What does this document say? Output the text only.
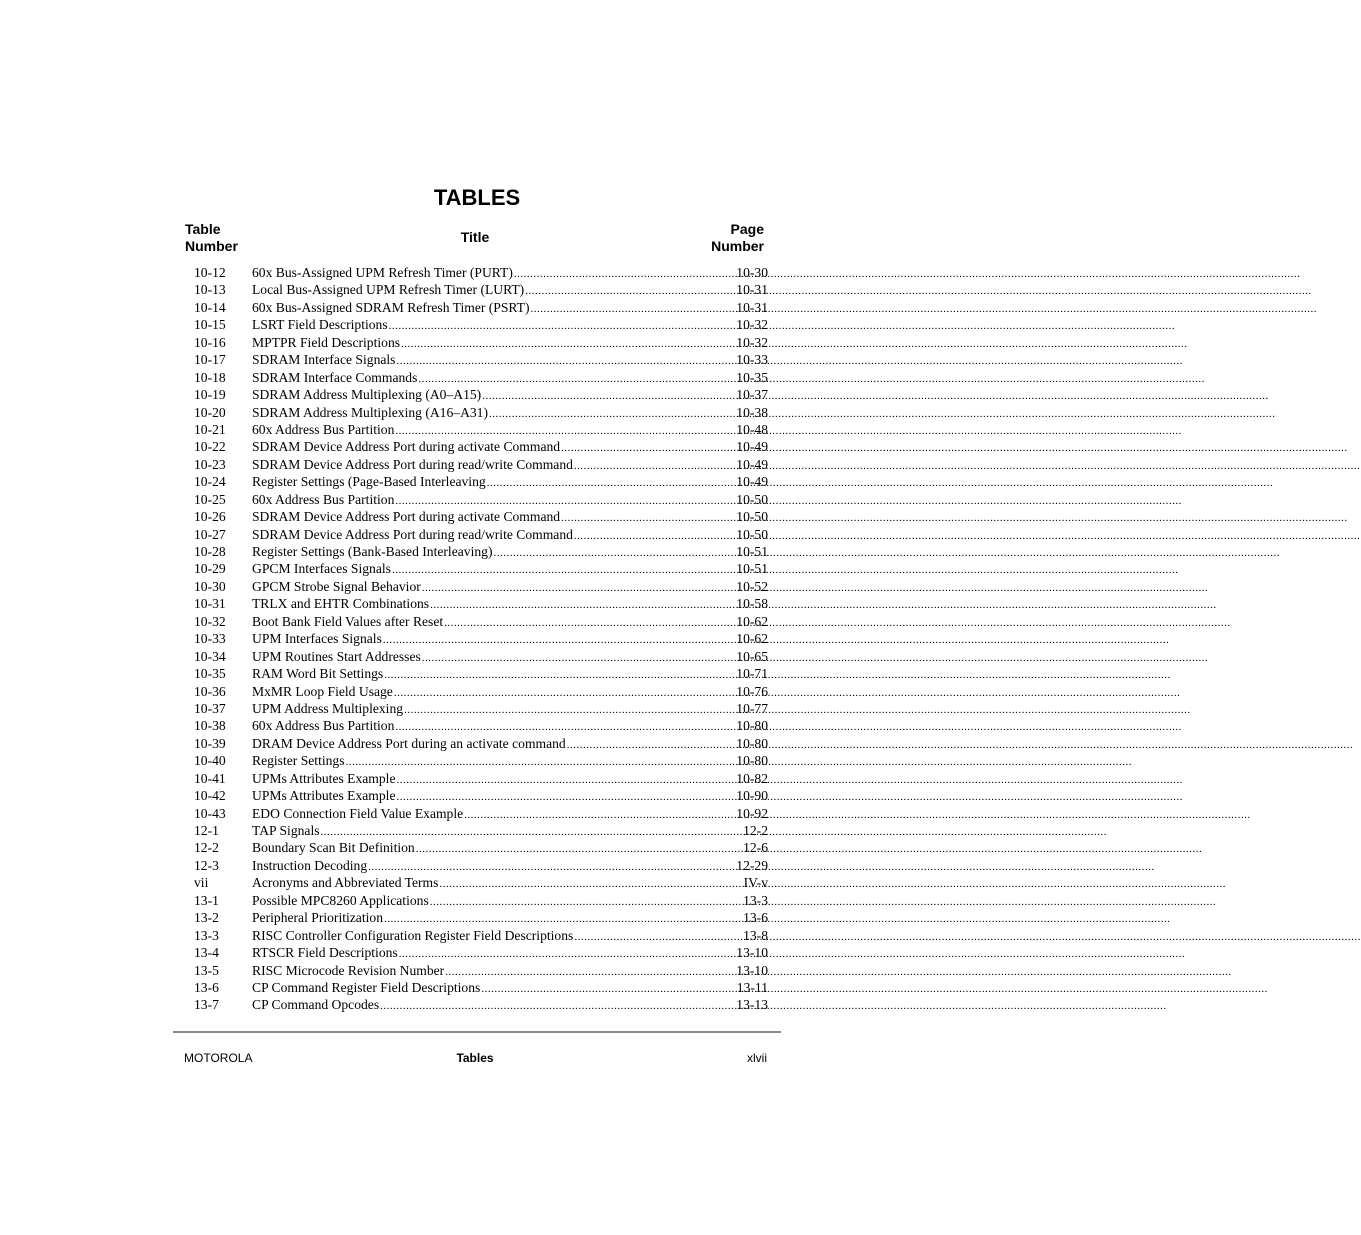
TABLES
Table
Number
Title	Page
Number
10-12	60x Bus-Assigned UPM Refresh Timer (PURT) .....	10-30
10-13	Local Bus-Assigned UPM Refresh Timer (LURT) .....	10-31
10-14	60x Bus-Assigned SDRAM Refresh Timer (PSRT) .....	10-31
10-15	LSRT Field Descriptions .....	10-32
10-16	MPTPR Field Descriptions .....	10-32
10-17	SDRAM Interface Signals .....	10-33
10-18	SDRAM Interface Commands .....	10-35
10-19	SDRAM Address Multiplexing (A0–A15) .....	10-37
10-20	SDRAM Address Multiplexing (A16–A31) .....	10-38
10-21	60x Address Bus Partition .....	10-48
10-22	SDRAM Device Address Port during activate Command .....	10-49
10-23	SDRAM Device Address Port during read/write Command .....	10-49
10-24	Register Settings (Page-Based Interleaving .....	10-49
10-25	60x Address Bus Partition .....	10-50
10-26	SDRAM Device Address Port during activate Command .....	10-50
10-27	SDRAM Device Address Port during read/write Command .....	10-50
10-28	Register Settings (Bank-Based Interleaving) .....	10-51
10-29	GPCM Interfaces Signals .....	10-51
10-30	GPCM Strobe Signal Behavior .....	10-52
10-31	TRLX and EHTR Combinations .....	10-58
10-32	Boot Bank Field Values after Reset .....	10-62
10-33	UPM Interfaces Signals .....	10-62
10-34	UPM Routines Start Addresses .....	10-65
10-35	RAM Word Bit Settings .....	10-71
10-36	MxMR Loop Field Usage .....	10-76
10-37	UPM Address Multiplexing .....	10-77
10-38	60x Address Bus Partition .....	10-80
10-39	DRAM Device Address Port during an activate command .....	10-80
10-40	Register Settings .....	10-80
10-41	UPMs Attributes Example .....	10-82
10-42	UPMs Attributes Example .....	10-90
10-43	EDO Connection Field Value Example .....	10-92
12-1	TAP Signals .....	12-2
12-2	Boundary Scan Bit Definition .....	12-6
12-3	Instruction Decoding .....	12-29
vii	Acronyms and Abbreviated Terms .....	IV-v
13-1	Possible MPC8260 Applications .....	13-3
13-2	Peripheral Prioritization .....	13-6
13-3	RISC Controller Configuration Register Field Descriptions .....	13-8
13-4	RTSCR Field Descriptions .....	13-10
13-5	RISC Microcode Revision Number .....	13-10
13-6	CP Command Register Field Descriptions .....	13-11
13-7	CP Command Opcodes .....	13-13
MOTOROLA	Tables	xlvii
